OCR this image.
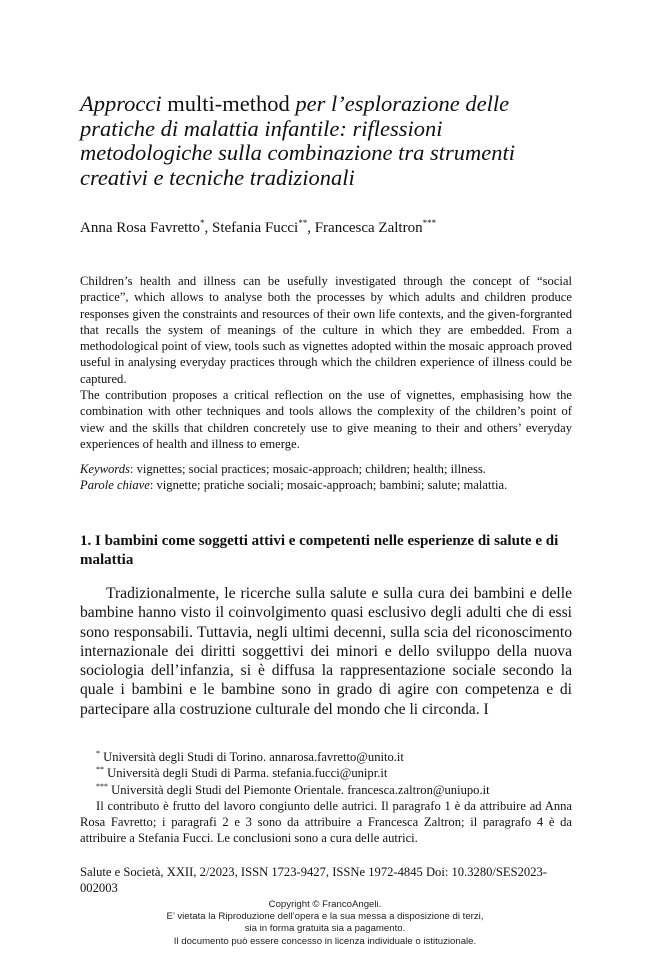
Approcci multi-method per l’esplorazione delle pratiche di malattia infantile: riflessioni metodologiche sulla combinazione tra strumenti creativi e tecniche tradizionali
Anna Rosa Favretto*, Stefania Fucci**, Francesca Zaltron***

Children’s health and illness can be usefully investigated through the concept of “social practice”, which allows to analyse both the processes by which adults and children produce responses given the constraints and resources of their own life contexts, and the given-forgranted that recalls the system of meanings of the culture in which they are embedded. From a methodological point of view, tools such as vignettes adopted within the mosaic approach proved useful in analysing everyday practices through which the children experience of illness could be captured.

The contribution proposes a critical reflection on the use of vignettes, emphasising how the combination with other techniques and tools allows the complexity of the children’s point of view and the skills that children concretely use to give meaning to their and others’ everyday experiences of health and illness to emerge.

Keywords: vignettes; social practices; mosaic-approach; children; health; illness.

Parole chiave: vignette; pratiche sociali; mosaic-approach; bambini; salute; malattia.

1. I bambini come soggetti attivi e competenti nelle esperienze di salute e di malattia

Tradizionalmente, le ricerche sulla salute e sulla cura dei bambini e delle bambine hanno visto il coinvolgimento quasi esclusivo degli adulti che di essi sono responsabili. Tuttavia, negli ultimi decenni, sulla scia del riconoscimento internazionale dei diritti soggettivi dei minori e dello sviluppo della nuova sociologia dell’infanzia, si è diffusa la rappresentazione sociale secondo la quale i bambini e le bambine sono in grado di agire con competenza e di partecipare alla costruzione culturale del mondo che li circonda. I

* Università degli Studi di Torino. annarosa.favretto@unito.it

** Università degli Studi di Parma. stefania.fucci@unipr.it

*** Università degli Studi del Piemonte Orientale. francesca.zaltron@uniupo.it

Il contributo è frutto del lavoro congiunto delle autrici. Il paragrafo 1 è da attribuire ad Anna Rosa Favretto; i paragrafi 2 e 3 sono da attribuire a Francesca Zaltron; il paragrafo 4 è da attribuire a Stefania Fucci. Le conclusioni sono a cura delle autrici.

Salute e Società, XXII, 2/2023, ISSN 1723-9427, ISSNe 1972-4845 Doi: 10.3280/SES2023-002003
Copyright © FrancoAngeli.
E’ vietata la Riproduzione dell’opera e la sua messa a disposizione di terzi,
sia in forma gratuita sia a pagamento.
Il documento può essere concesso in licenza individuale o istituzionale.
